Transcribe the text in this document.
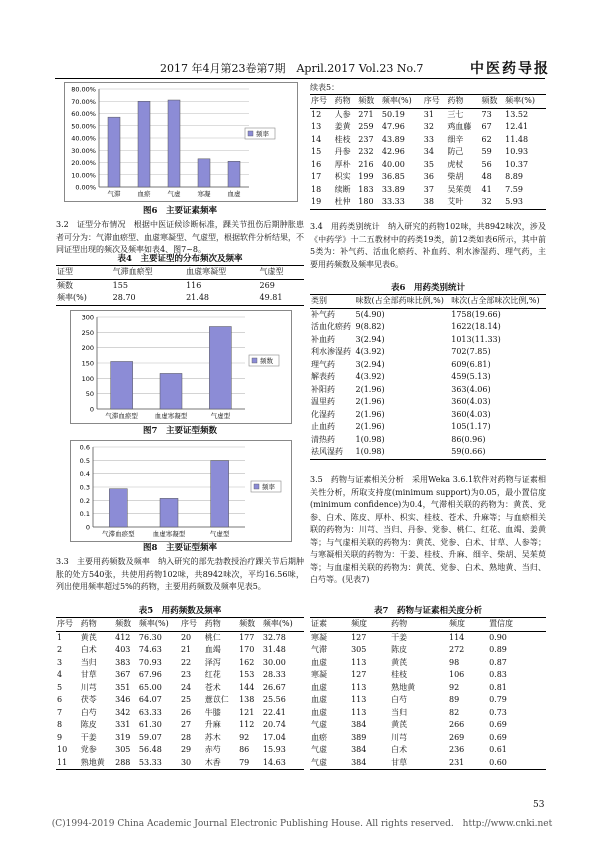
2017 年4月第23卷第7期　April.2017 Vol.23 No.7	中医药导报
0.00%
10.00%
20.00%
30.00%
40.00%
50.00%
60.00%
70.00%
80.00%
气滞	血瘀	气虚	寒凝	血虚
频率
图6　主要证素频率
3.2　证型分布情况　根据中医证候诊断标准，踝关节扭伤后期肿胀患者可分为：气滞血瘀型、血虚寒凝型、气虚型，根据软件分析结果，不同证型出现的频次及频率如表4、图7~8。
表4　主要证型的分布频次及频率
证型	气滞血瘀型	血虚寒凝型	气虚型
频数	155	116	269
频率(%)	28.70	21.48	49.81
0
50
100
150
200
250
300
气滞血瘀型	血虚寒凝型	气虚型
频数
图7　主要证型频数
0
0.1
0.2
0.3
0.4
0.5
0.6
气滞血瘀型	血虚寒凝型	气虚型
频率
图8　主要证型频率
3.3　主要用药频数及频率　纳入研究的部先勃教授治疗踝关节后期肿胀的处方540张，共使用药物102味，共8942味次，平均16.56味，列出使用频率超过5%的药物，主要用药频数及频率见表5。
表5　用药频数及频率
序号	药物	频数	频率(%)	序号	药物	频数	频率(%)
1	黄芪	412	76.30	20	桃仁	177	32.78
2	白术	403	74.63	21	血竭	170	31.48
3	当归	383	70.93	22	泽泻	162	30.00
4	甘草	367	67.96	23	红花	153	28.33
5	川芎	351	65.00	24	苍术	144	26.67
6	茯苓	346	64.07	25	薏苡仁	138	25.56
7	白芍	342	63.33	26	牛膝	121	22.41
8	陈皮	331	61.30	27	升麻	112	20.74
9	干姜	319	59.07	28	苏木	92	17.04
10	党参	305	56.48	29	赤芍	86	15.93
11	熟地黄	288	53.33	30	木香	79	14.63
续表5：
序号	药物	频数	频率(%)	序号	药物	频数	频率(%)
12	人参	271	50.19	31	三七	73	13.52
13	姜黄	259	47.96	32	鸡血藤	67	12.41
14	桂枝	237	43.89	33	细辛	62	11.48
15	丹参	232	42.96	34	防己	59	10.93
16	厚朴	216	40.00	35	虎杖	56	10.37
17	枳实	199	36.85	36	柴胡	48	8.89
18	续断	183	33.89	37	吴茱萸	41	7.59
19	杜仲	180	33.33	38	艾叶	32	5.93
3.4　用药类别统计　纳入研究的药物102味，共8942味次，涉及《中药学》十二五教材中的药类19类，前12类如表6所示，其中前5类为：补气药、活血化瘀药、补血药、利水渗湿药、理气药，主要用药频数及频率见表6。
表6　用药类别统计
类别	味数(占全部药味比例,%)	味次(占全部味次比例,%)
补气药	5(4.90)	1758(19.66)
活血化瘀药	9(8.82)	1622(18.14)
补血药	3(2.94)	1013(11.33)
利水渗湿药	4(3.92)	702(7.85)
理气药	3(2.94)	609(6.81)
解表药	4(3.92)	459(5.13)
补阳药	2(1.96)	363(4.06)
温里药	2(1.96)	360(4.03)
化湿药	2(1.96)	360(4.03)
止血药	2(1.96)	105(1.17)
清热药	1(0.98)	86(0.96)
祛风湿药	1(0.98)	59(0.66)
3.5　药物与证素相关分析　采用Weka 3.6.1软件对药物与证素相关性分析，所取支持度(minimum support)为0.05，最小置信度(minimum confidence)为0.4，气滞相关联的药物为：黄芪、党参、白术、陈皮、厚朴、枳实、桂枝、苍术、升麻等；与血瘀相关联的药物为：川芎、当归、丹参、党参、桃仁、红花、血竭、姜黄等；与气虚相关联的药物为：黄芪、党参、白术、甘草、人参等；与寒凝相关联的药物为：干姜、桂枝、升麻、细辛、柴胡、吴茱萸等；与血虚相关联的药物为：黄芪、党参、白术、熟地黄、当归、白芍等。(见表7)
表7　药物与证素相关度分析
证素	频度	药物	频度	置信度
寒凝	127	干姜	114	0.90
气滞	305	陈皮	272	0.89
血虚	113	黄芪	98	0.87
寒凝	127	桂枝	106	0.83
血虚	113	熟地黄	92	0.81
血虚	113	白芍	89	0.79
血虚	113	当归	82	0.73
气虚	384	黄芪	266	0.69
血瘀	389	川芎	269	0.69
气虚	384	白术	236	0.61
气虚	384	甘草	231	0.60
53
(C)1994-2019 China Academic Journal Electronic Publishing House. All rights reserved.　http://www.cnki.net
